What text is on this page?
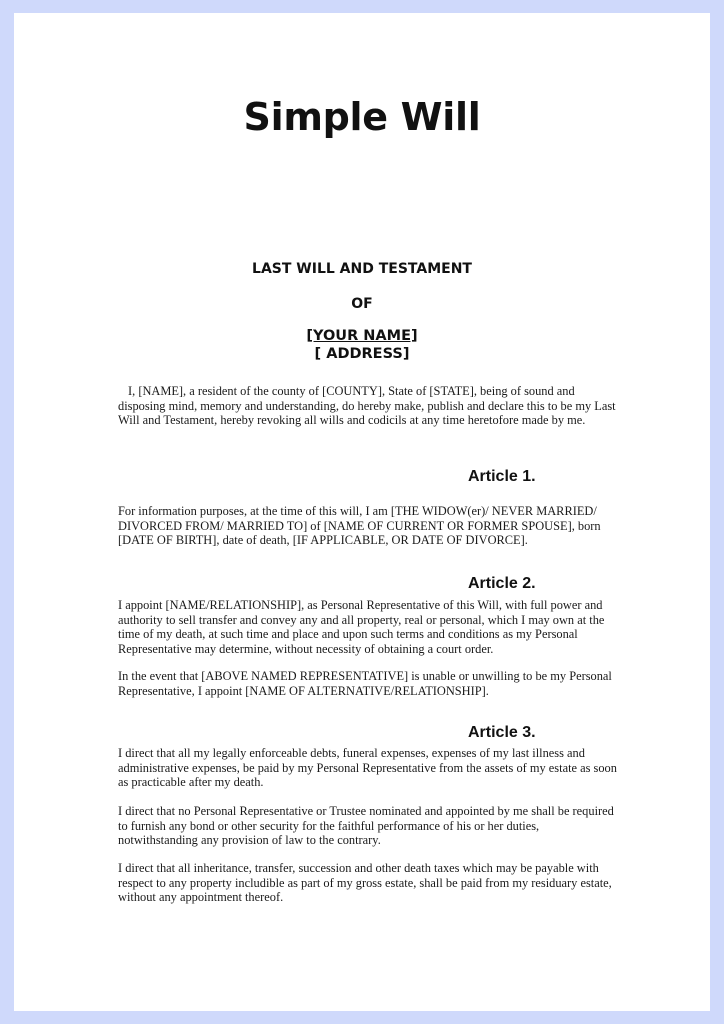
Simple Will

LAST WILL AND TESTAMENT

OF

[YOUR NAME]

[ ADDRESS]

I, [NAME], a resident of the county of [COUNTY], State of [STATE], being of sound and disposing mind, memory and understanding, do hereby make, publish and declare this to be my Last Will and Testament, hereby revoking all wills and codicils at any time heretofore made by me.

Article 1.

For information purposes, at the time of this will, I am [THE WIDOW(er)/ NEVER MARRIED/ DIVORCED FROM/ MARRIED TO] of [NAME OF CURRENT OR FORMER SPOUSE], born [DATE OF BIRTH], date of death, [IF APPLICABLE, OR DATE OF DIVORCE].

Article 2.

I appoint [NAME/RELATIONSHIP], as Personal Representative of this Will, with full power and authority to sell transfer and convey any and all property, real or personal, which I may own at the time of my death, at such time and place and upon such terms and conditions as my Personal Representative may determine, without necessity of obtaining a court order.

In the event that [ABOVE NAMED REPRESENTATIVE] is unable or unwilling to be my Personal Representative, I appoint [NAME OF ALTERNATIVE/RELATIONSHIP].

Article 3.

I direct that all my legally enforceable debts, funeral expenses, expenses of my last illness and administrative expenses, be paid by my Personal Representative from the assets of my estate as soon as practicable after my death.

I direct that no Personal Representative or Trustee nominated and appointed by me shall be required to furnish any bond or other security for the faithful performance of his or her duties, notwithstanding any provision of law to the contrary.

I direct that all inheritance, transfer, succession and other death taxes which may be payable with respect to any property includible as part of my gross estate, shall be paid from my residuary estate, without any appointment thereof.
